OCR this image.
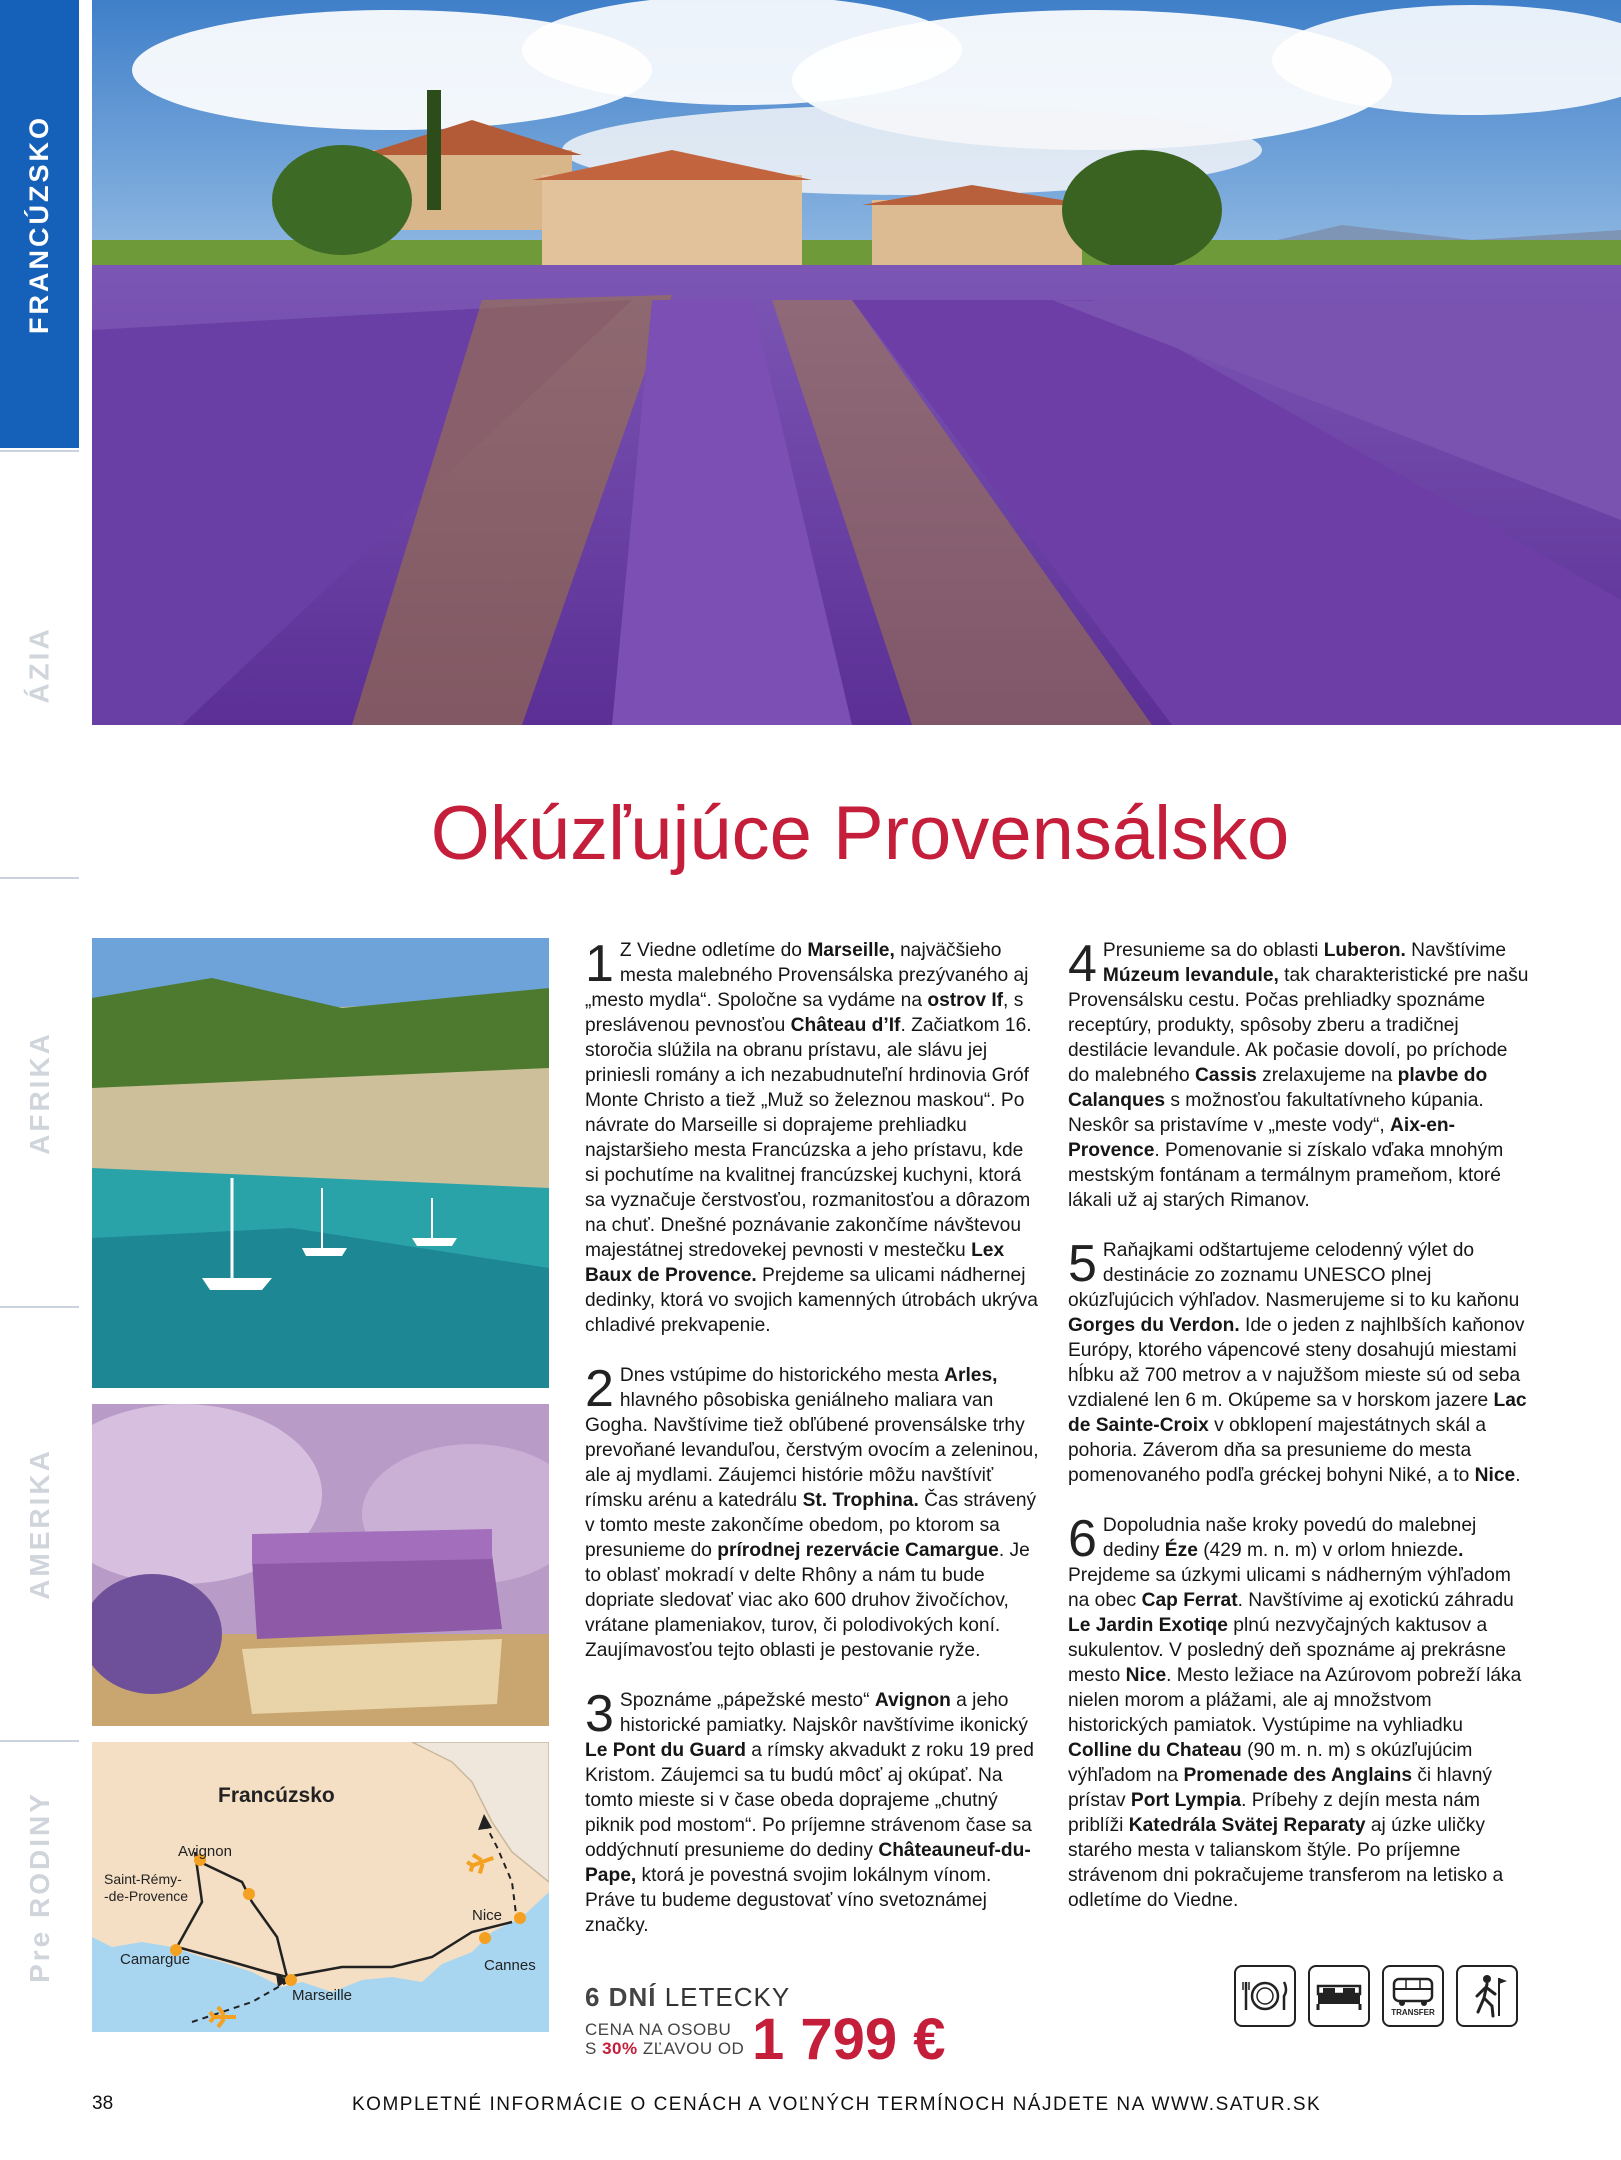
FRANCÚZSKO
ÁZIA
AFRIKA
AMERIKA
Pre RODINY
Okúzľujúce Provensálsko
Francúzsko
Avignon
Saint-Rémy-
-de-Provence
Camargue
Marseille
Cannes
Nice

1 Z Viedne odletíme do Marseille, najväčšieho mesta malebného Provensálska prezývaného aj „mesto mydla“. Spoločne sa vydáme na ostrov If, s preslávenou pevnosťou Château d’If. Začiatkom 16. storočia slúžila na obranu prístavu, ale slávu jej priniesli romány a ich nezabudnuteľní hrdinovia Gróf Monte Christo a tiež „Muž so železnou maskou“. Po návrate do Marseille si doprajeme prehliadku najstaršieho mesta Francúzska a jeho prístavu, kde si pochutíme na kvalitnej francúzskej kuchyni, ktorá sa vyznačuje čerstvosťou, rozmanitosťou a dôrazom na chuť. Dnešné poznávanie zakončíme návštevou majestátnej stredovekej pevnosti v mestečku Lex Baux de Provence. Prejdeme sa ulicami nádhernej dedinky, ktorá vo svojich kamenných útrobách ukrýva chladivé prekvapenie.

2 Dnes vstúpime do historického mesta Arles, hlavného pôsobiska geniálneho maliara van Gogha. Navštívime tiež obľúbené provensálske trhy prevoňané levanduľou, čerstvým ovocím a zeleninou, ale aj mydlami. Záujemci histórie môžu navštíviť rímsku arénu a katedrálu St. Trophina. Čas strávený v tomto meste zakončíme obedom, po ktorom sa presunieme do prírodnej rezervácie Camargue. Je to oblasť mokradí v delte Rhôny a nám tu bude dopriate sledovať viac ako 600 druhov živočíchov, vrátane plameniakov, turov, či polodivokých koní. Zaujímavosťou tejto oblasti je pestovanie ryže.

3 Spoznáme „pápežské mesto“ Avignon a jeho historické pamiatky. Najskôr navštívime ikonický Le Pont du Guard a rímsky akvadukt z roku 19 pred Kristom. Záujemci sa tu budú môcť aj okúpať. Na tomto mieste si v čase obeda doprajeme „chutný piknik pod mostom“. Po príjemne strávenom čase sa oddýchnutí presunieme do dediny Châteauneuf-du-Pape, ktorá je povestná svojim lokálnym vínom. Práve tu budeme degustovať víno svetoznámej značky.

4 Presunieme sa do oblasti Luberon. Navštívime Múzeum levandule, tak charakteristické pre našu Provensálsku cestu. Počas prehliadky spoznáme receptúry, produkty, spôsoby zberu a tradičnej destilácie levandule. Ak počasie dovolí, po príchode do malebného Cassis zrelaxujeme na plavbe do Calanques s možnosťou fakultatívneho kúpania. Neskôr sa pristavíme v „meste vody“, Aix-en-Provence. Pomenovanie si získalo vďaka mnohým mestským fontánam a termálnym prameňom, ktoré lákali už aj starých Rimanov.

5 Raňajkami odštartujeme celodenný výlet do destinácie zo zoznamu UNESCO plnej okúzľujúcich výhľadov. Nasmerujeme si to ku kaňonu Gorges du Verdon. Ide o jeden z najhlbších kaňonov Európy, ktorého vápencové steny dosahujú miestami hĺbku až 700 metrov a v najužšom mieste sú od seba vzdialené len 6 m. Okúpeme sa v horskom jazere Lac de Sainte-Croix v obklopení majestátnych skál a pohoria. Záverom dňa sa presunieme do mesta pomenovaného podľa gréckej bohyni Niké, a to Nice.

6 Dopoludnia naše kroky povedú do malebnej dediny Éze (429 m. n. m) v orlom hniezde. Prejdeme sa úzkymi ulicami s nádherným výhľadom na obec Cap Ferrat. Navštívime aj exotickú záhradu Le Jardin Exotiqe plnú nezvyčajných kaktusov a sukulentov. V posledný deň spoznáme aj prekrásne mesto Nice. Mesto ležiace na Azúrovom pobreží láka nielen morom a plážami, ale aj množstvom historických pamiatok. Vystúpime na vyhliadku Colline du Chateau (90 m. n. m) s okúzľujúcim výhľadom na Promenade des Anglains či hlavný prístav Port Lympia. Príbehy z dejín mesta nám priblíži Katedrála Svätej Reparaty aj úzke uličky starého mesta v talianskom štýle. Po príjemne strávenom dni pokračujeme transferom na letisko a odletíme do Viedne.

6 DNÍ LETECKY
CENA NA OSOBU
S 30% ZĽAVOU OD 1 799 €	TRANSFER
38	KOMPLETNÉ INFORMÁCIE O CENÁCH A VOĽNÝCH TERMÍNOCH NÁJDETE NA WWW.SATUR.SK
